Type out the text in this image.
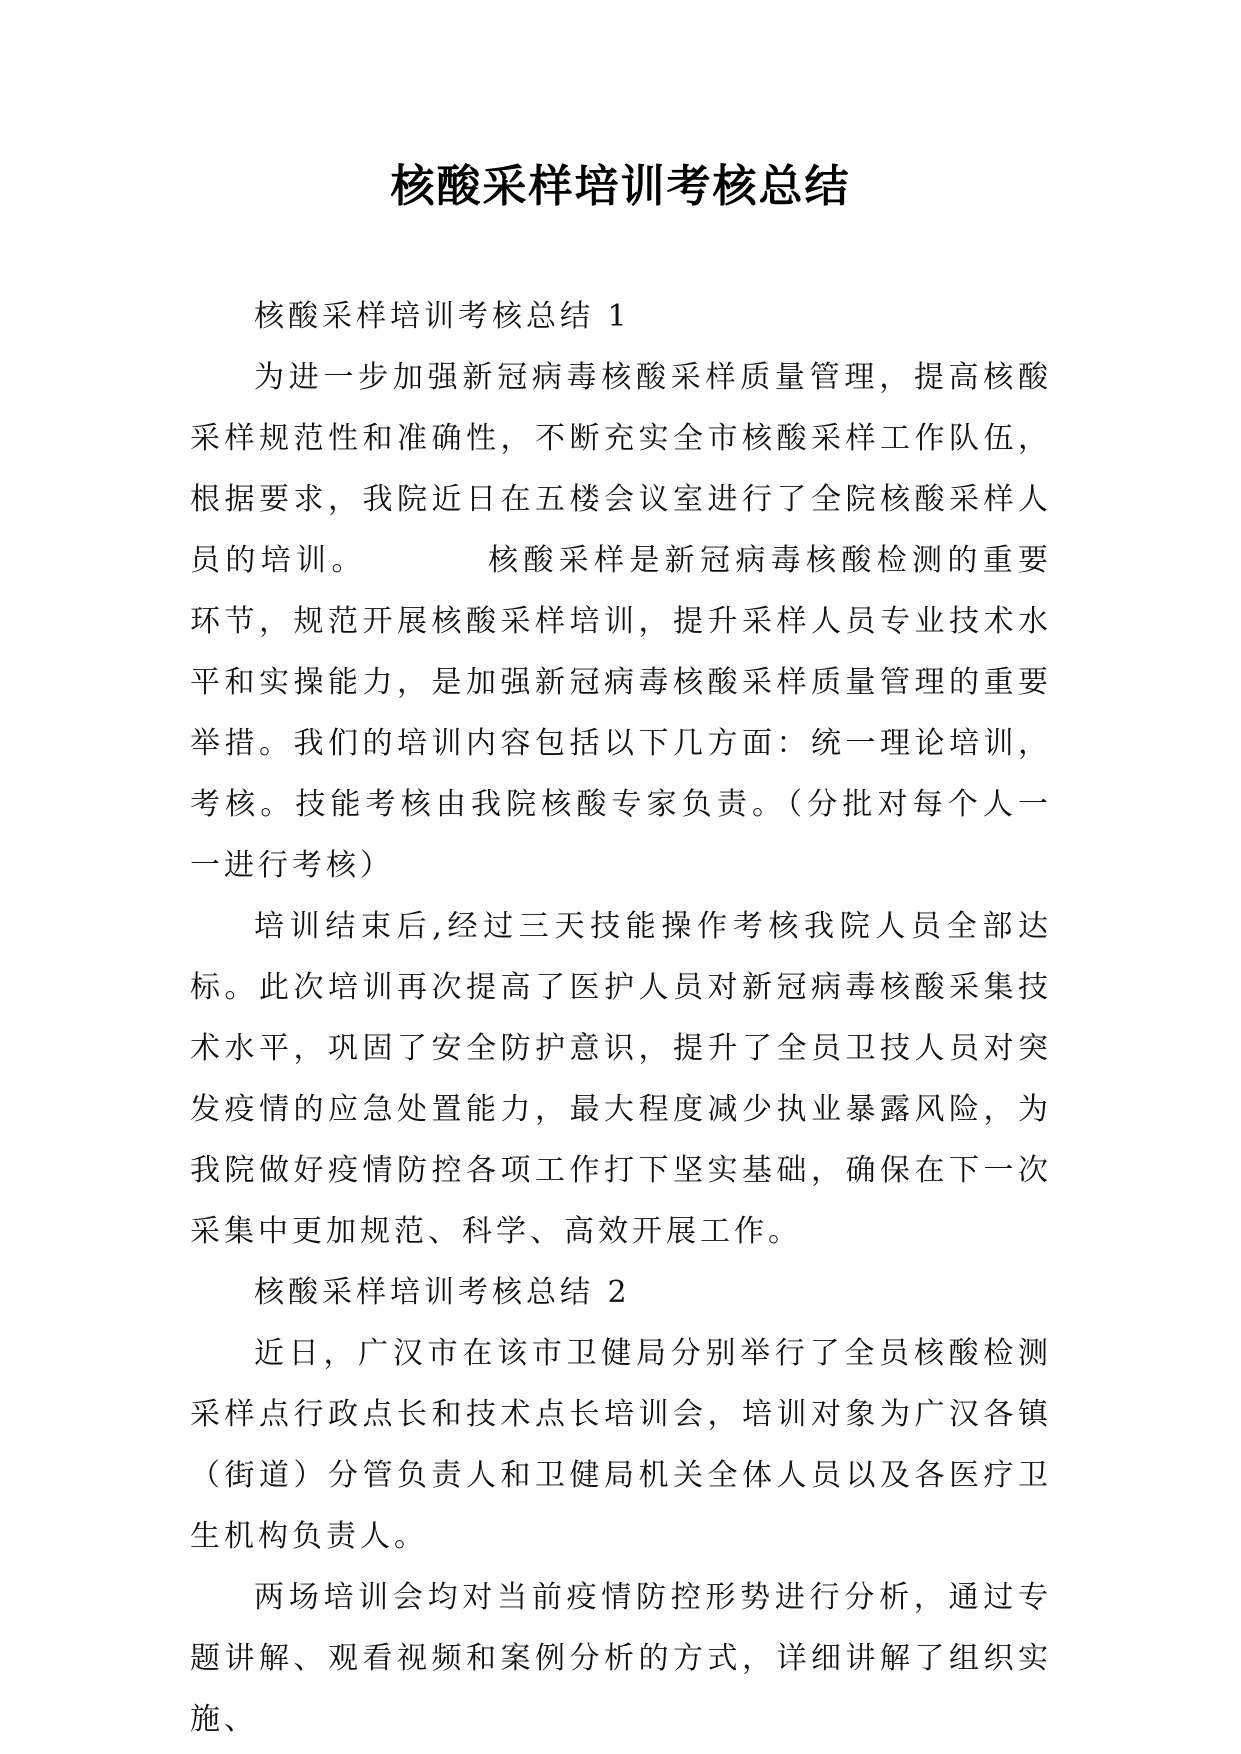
核酸采样培训考核总结

核酸采样培训考核总结 1

为进一步加强新冠病毒核酸采样质量管理，提高核酸采样规范性和准确性，不断充实全市核酸采样工作队伍，根据要求，我院近日在五楼会议室进行了全院核酸采样人员的培训。	核酸采样是新冠病毒核酸检测的重要环节，规范开展核酸采样培训，提升采样人员专业技术水平和实操能力，是加强新冠病毒核酸采样质量管理的重要举措。我们的培训内容包括以下几方面：统一理论培训，考核。技能考核由我院核酸专家负责。（分批对每个人一一进行考核）

培训结束后,经过三天技能操作考核我院人员全部达标。此次培训再次提高了医护人员对新冠病毒核酸采集技术水平，巩固了安全防护意识，提升了全员卫技人员对突发疫情的应急处置能力，最大程度减少执业暴露风险，为我院做好疫情防控各项工作打下坚实基础，确保在下一次采集中更加规范、科学、高效开展工作。

核酸采样培训考核总结 2

近日，广汉市在该市卫健局分别举行了全员核酸检测采样点行政点长和技术点长培训会，培训对象为广汉各镇（街道）分管负责人和卫健局机关全体人员以及各医疗卫生机构负责人。

两场培训会均对当前疫情防控形势进行分析，通过专题讲解、观看视频和案例分析的方式，详细讲解了组织实施、
